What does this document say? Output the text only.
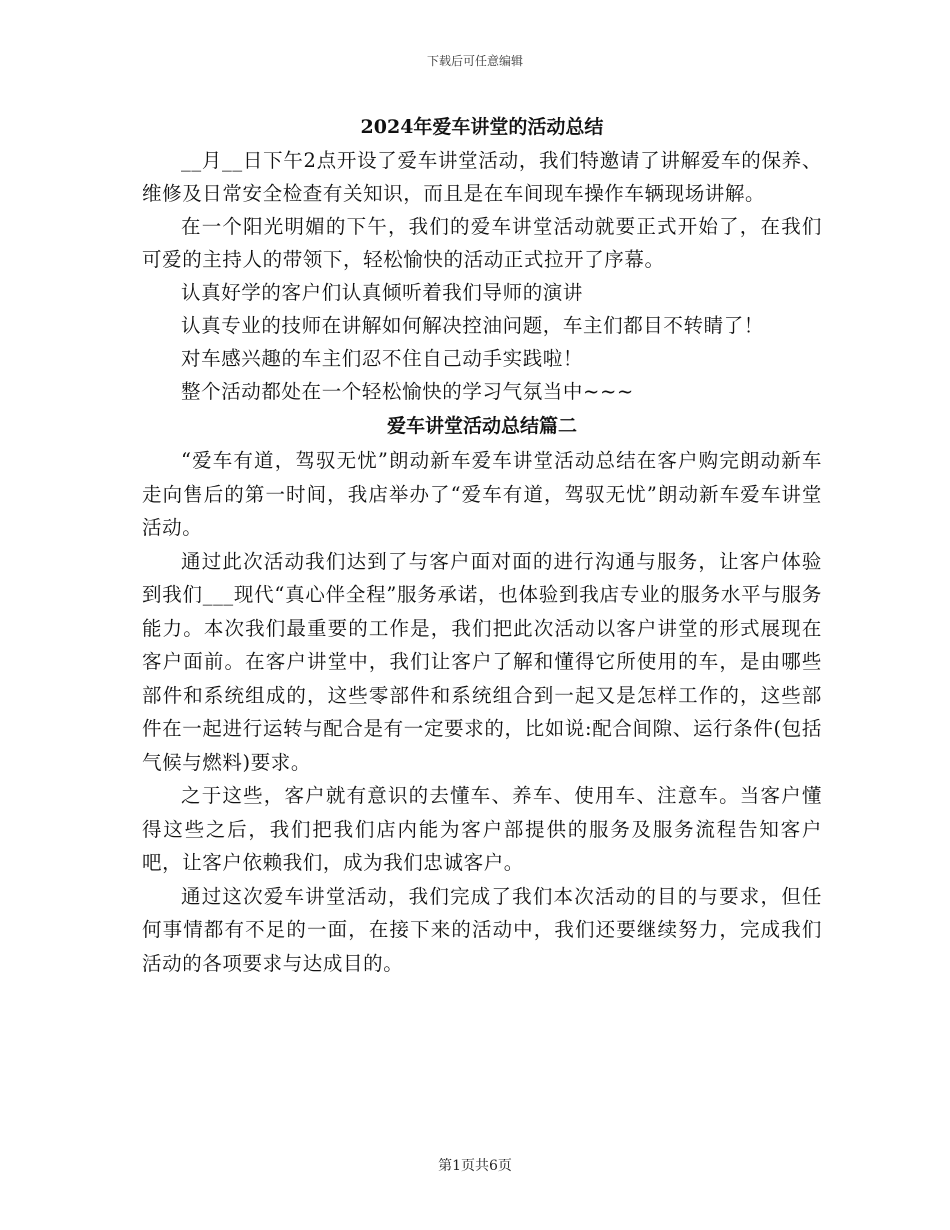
下载后可任意编辑
2024年爱车讲堂的活动总结

__月__日下午2点开设了爱车讲堂活动，我们特邀请了讲解爱车的保养、维修及日常安全检查有关知识，而且是在车间现车操作车辆现场讲解。

在一个阳光明媚的下午，我们的爱车讲堂活动就要正式开始了，在我们可爱的主持人的带领下，轻松愉快的活动正式拉开了序幕。

认真好学的客户们认真倾听着我们导师的演讲

认真专业的技师在讲解如何解决控油问题，车主们都目不转睛了！

对车感兴趣的车主们忍不住自己动手实践啦！

整个活动都处在一个轻松愉快的学习气氛当中~~~

爱车讲堂活动总结篇二

“爱车有道，驾驭无忧”朗动新车爱车讲堂活动总结在客户购完朗动新车走向售后的第一时间，我店举办了“爱车有道，驾驭无忧”朗动新车爱车讲堂活动。

通过此次活动我们达到了与客户面对面的进行沟通与服务，让客户体验到我们___现代“真心伴全程”服务承诺，也体验到我店专业的服务水平与服务能力。本次我们最重要的工作是，我们把此次活动以客户讲堂的形式展现在客户面前。在客户讲堂中，我们让客户了解和懂得它所使用的车，是由哪些部件和系统组成的，这些零部件和系统组合到一起又是怎样工作的，这些部件在一起进行运转与配合是有一定要求的，比如说:配合间隙、运行条件(包括气候与燃料)要求。

之于这些，客户就有意识的去懂车、养车、使用车、注意车。当客户懂得这些之后，我们把我们店内能为客户部提供的服务及服务流程告知客户吧，让客户依赖我们，成为我们忠诚客户。

通过这次爱车讲堂活动，我们完成了我们本次活动的目的与要求，但任何事情都有不足的一面，在接下来的活动中，我们还要继续努力，完成我们活动的各项要求与达成目的。

第1页共6页
